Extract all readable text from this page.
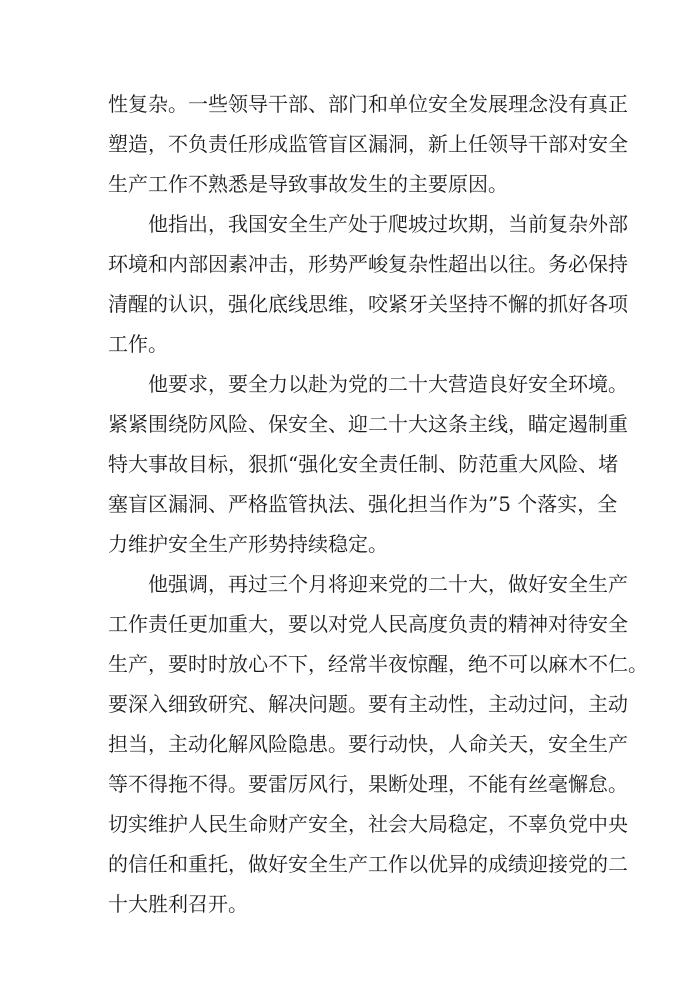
性复杂。一些领导干部、部门和单位安全发展理念没有真正
塑造，不负责任形成监管盲区漏洞，新上任领导干部对安全
生产工作不熟悉是导致事故发生的主要原因。
他指出，我国安全生产处于爬坡过坎期，当前复杂外部
环境和内部因素冲击，形势严峻复杂性超出以往。务必保持
清醒的认识，强化底线思维，咬紧牙关坚持不懈的抓好各项
工作。
他要求，要全力以赴为党的二十大营造良好安全环境。
紧紧围绕防风险、保安全、迎二十大这条主线，瞄定遏制重
特大事故目标，狠抓“强化安全责任制、防范重大风险、堵
塞盲区漏洞、严格监管执法、强化担当作为”5 个落实，全
力维护安全生产形势持续稳定。
他强调，再过三个月将迎来党的二十大，做好安全生产
工作责任更加重大，要以对党人民高度负责的精神对待安全
生产，要时时放心不下，经常半夜惊醒，绝不可以麻木不仁。
要深入细致研究、解决问题。要有主动性，主动过问，主动
担当，主动化解风险隐患。要行动快，人命关天，安全生产
等不得拖不得。要雷厉风行，果断处理，不能有丝毫懈怠。
切实维护人民生命财产安全，社会大局稳定，不辜负党中央
的信任和重托，做好安全生产工作以优异的成绩迎接党的二
十大胜利召开。
